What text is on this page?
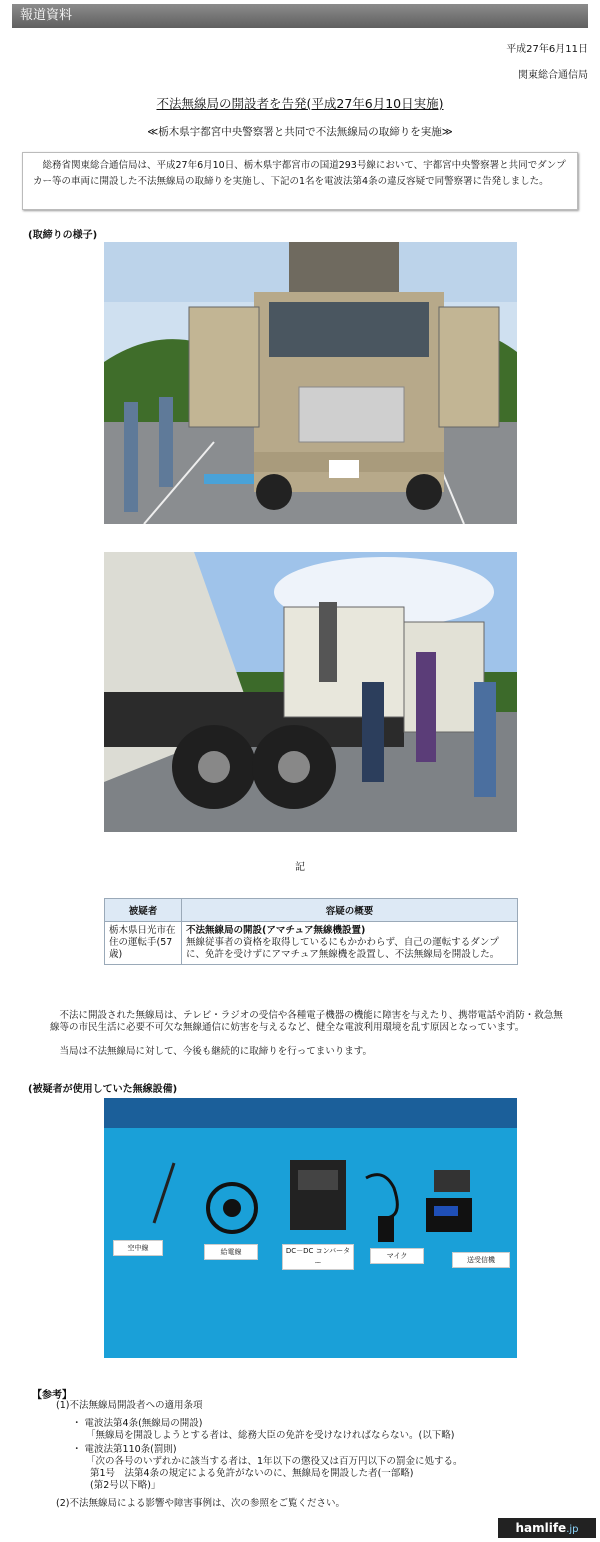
報道資料
平成27年6月11日
関東総合通信局
不法無線局の開設者を告発(平成27年6月10日実施)
≪栃木県宇都宮中央警察署と共同で不法無線局の取締りを実施≫
総務省関東総合通信局は、平成27年6月10日、栃木県宇都宮市の国道293号線において、宇都宮中央警察署と共同でダンプカー等の車両に開設した不法無線局の取締りを実施し、下記の1名を電波法第4条の違反容疑で同警察署に告発しました。
(取締りの様子)
記
被疑者	容疑の概要
栃木県日光市在住の運転手(57歳)	不法無線局の開設(アマチュア無線機設置)
無線従事者の資格を取得しているにもかかわらず、自己の運転するダンプに、免許を受けずにアマチュア無線機を設置し、不法無線局を開設した。
不法に開設された無線局は、テレビ・ラジオの受信や各種電子機器の機能に障害を与えたり、携帯電話や消防・救急無線等の市民生活に必要不可欠な無線通信に妨害を与えるなど、健全な電波利用環境を乱す原因となっています。
当局は不法無線局に対して、今後も継続的に取締りを行ってまいります。
(被疑者が使用していた無線設備)
空中線	給電線	DC－DC コンバーター
マイク	送受信機
【参考】
(1)不法無線局開設者への適用条項
・ 電波法第4条(無線局の開設)
「無線局を開設しようとする者は、総務大臣の免許を受けなければならない。(以下略)
・ 電波法第110条(罰則)
「次の各号のいずれかに該当する者は、1年以下の懲役又は百万円以下の罰金に処する。
第1号　法第4条の規定による免許がないのに、無線局を開設した者(一部略)
(第2号以下略)」
(2)不法無線局による影響や障害事例は、次の参照をご覧ください。
hamlife.jp
